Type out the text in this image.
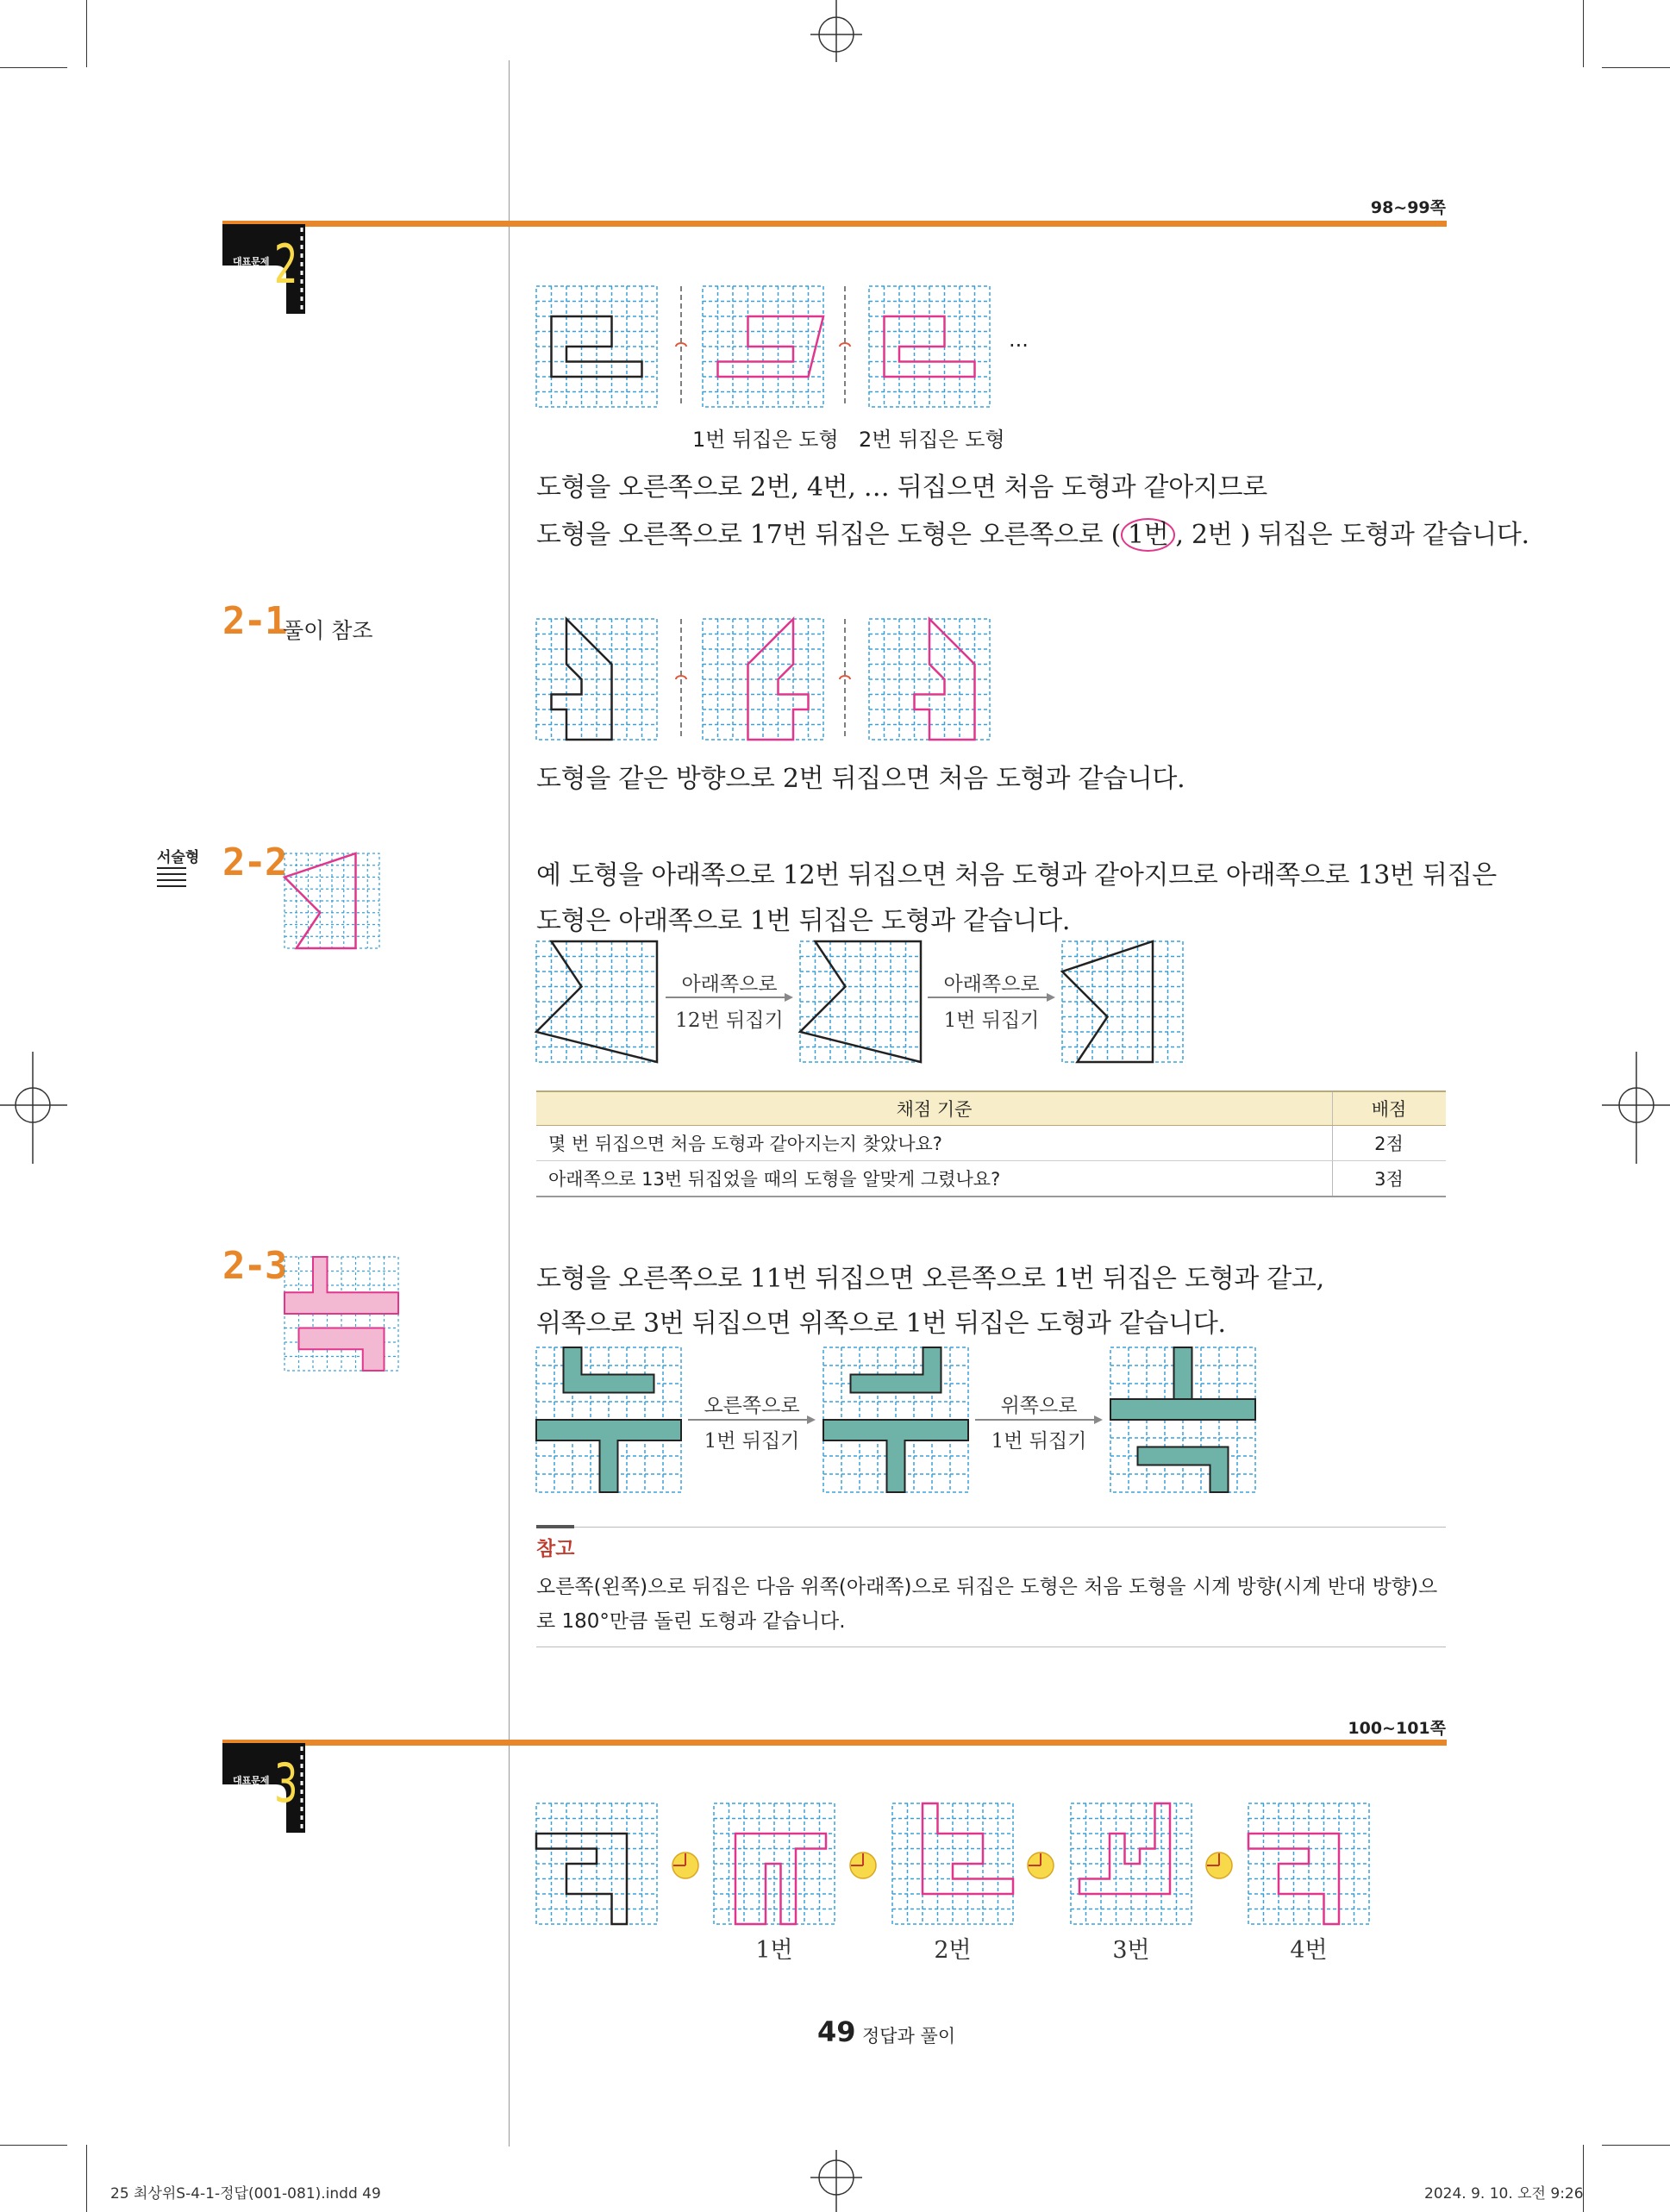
98~99쪽
대표문제 2
...
1번 뒤집은 도형 2번 뒤집은 도형
도형을 오른쪽으로 2번, 4번, … 뒤집으면 처음 도형과 같아지므로
도형을 오른쪽으로 17번 뒤집은 도형은 오른쪽으로 ( 1번 , 2번 ) 뒤집은 도형과 같습니다.
2-1
풀이 참조
도형을 같은 방향으로 2번 뒤집으면 처음 도형과 같습니다.
서술형 2-2	예 도형을 아래쪽으로 12번 뒤집으면 처음 도형과 같아지므로 아래쪽으로 13번 뒤집은
도형은 아래쪽으로 1번 뒤집은 도형과 같습니다.
아래쪽으로
12번 뒤집기
아래쪽으로
1번 뒤집기
채점 기준	배점
몇 번 뒤집으면 처음 도형과 같아지는지 찾았나요?	2점
아래쪽으로 13번 뒤집었을 때의 도형을 알맞게 그렸나요?	3점
2-3	도형을 오른쪽으로 11번 뒤집으면 오른쪽으로 1번 뒤집은 도형과 같고,
위쪽으로 3번 뒤집으면 위쪽으로 1번 뒤집은 도형과 같습니다.
오른쪽으로
1번 뒤집기
위쪽으로
1번 뒤집기
참고
오른쪽(왼쪽)으로 뒤집은 다음 위쪽(아래쪽)으로 뒤집은 도형은 처음 도형을 시계 방향(시계 반대 방향)으
로 180°만큼 돌린 도형과 같습니다.
100~101쪽
대표문제 3
1번	2번	3번	4번
49 정답과 풀이
25 최상위S-4-1-정답(001-081).indd 49	2024. 9. 10. 오전 9:26
